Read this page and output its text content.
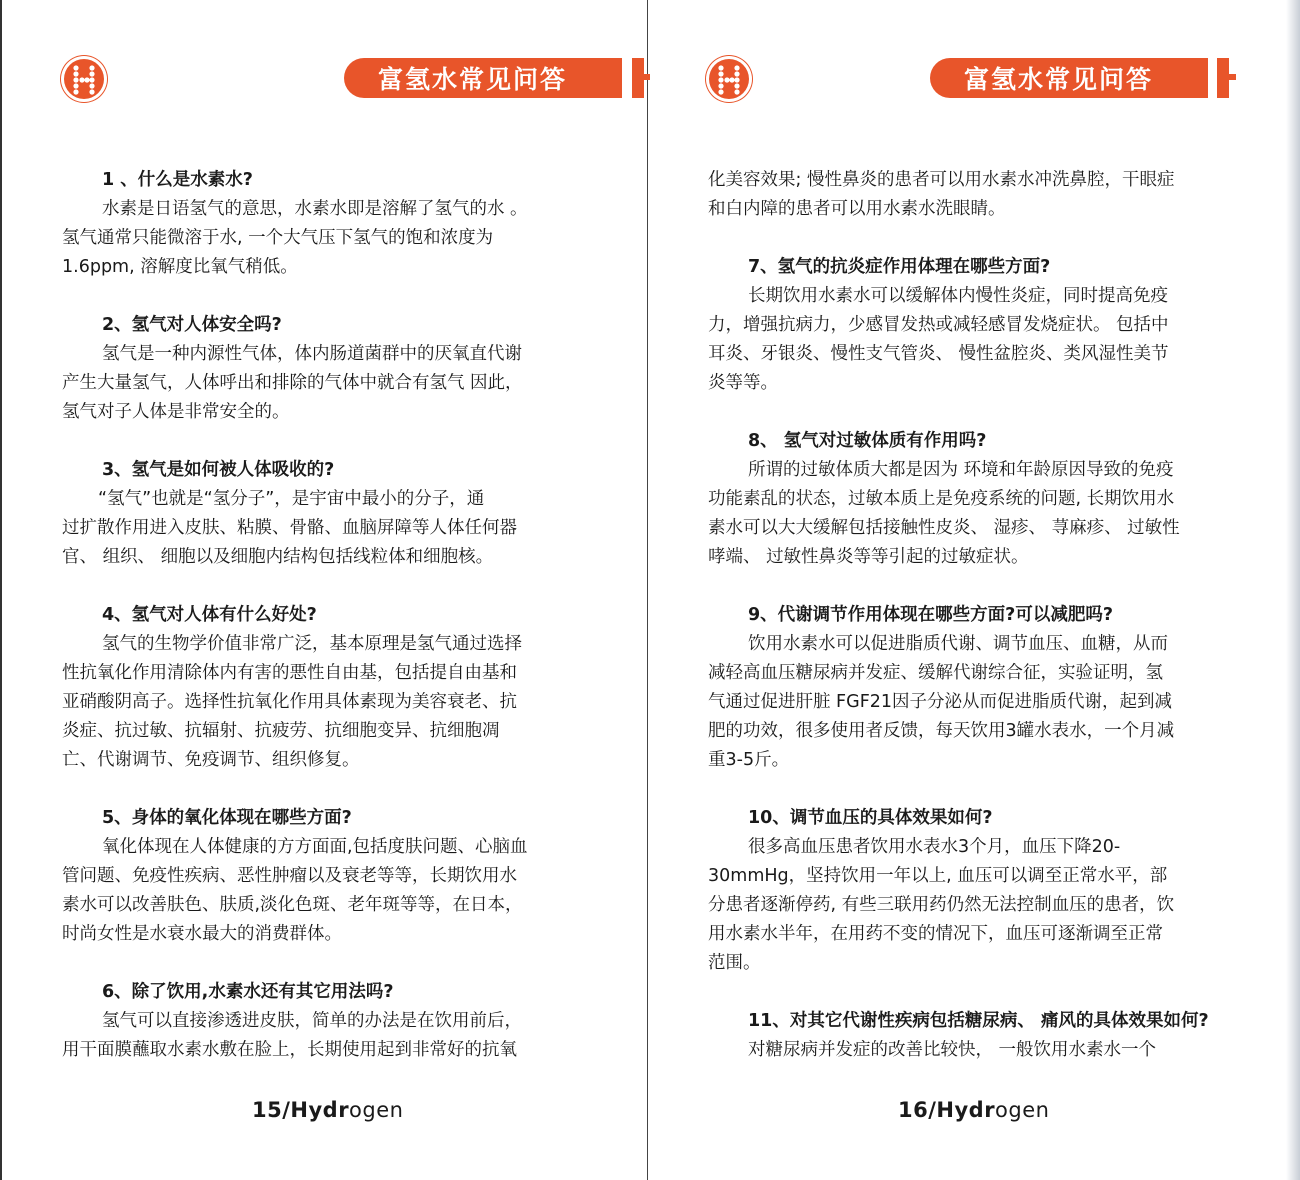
富氢水常见问答

1 、什么是水素水?

水素是日语氢气的意思，水素水即是溶解了氢气的水 。

氢气通常只能微溶于水, 一个大气压下氢气的饱和浓度为

1.6ppm, 溶解度比氧气稍低。

2、氢气对人体安全吗?

氢气是一种内源性气体，体内肠道菌群中的厌氧直代谢

产生大量氢气，人体呼出和排除的气体中就合有氢气 因此，

氢气对子人体是非常安全的。

3、氢气是如何被人体吸收的?

“氢气”也就是“氢分子”，是宇宙中最小的分子，通

过扩散作用进入皮肤、粘膜、骨骼、血脑屏障等人体任何器

官、 组织、 细胞以及细胞内结构包括线粒体和细胞核。

4、氢气对人体有什么好处?

氢气的生物学价值非常广泛，基本原理是氢气通过选择

性抗氧化作用清除体内有害的悪性自由基，包括提自由基和

亚硝酸阴高子。选择性抗氧化作用具体素现为美容衰老、抗

炎症、抗过敏、抗辐射、抗疲劳、抗细胞变异、抗细胞凋

亡、代谢调节、免疫调节、组织修复。

5、身体的氧化体现在哪些方面?

氧化体现在人体健康的方方面面,包括度肤问题、心脑血

管问题、免疫性疾病、恶性肿瘤以及衰老等等，长期饮用水

素水可以改善肤色、肤质,淡化色斑、老年斑等等，在日本，

时尚女性是水衰水最大的消费群体。

6、除了饮用,水素水还有其它用法吗?

氢气可以直接渗透进皮肤，简单的办法是在饮用前后，

用干面膜蘸取水素水敷在脸上，长期使用起到非常好的抗氧

15/Hydrogen
富氢水常见问答

化美容效果; 慢性鼻炎的患者可以用水素水冲洗鼻腔，干眼症

和白内障的患者可以用水素水洗眼睛。

7、氢气的抗炎症作用体理在哪些方面?

长期饮用水素水可以缓解体内慢性炎症，同时提高免疫

力，增强抗病力，少感冒发热或减轻感冒发烧症状。 包括中

耳炎、牙银炎、慢性支气管炎、 慢性盆腔炎、类风湿性美节

炎等等。

8、 氢气对过敏体质有作用吗?

所谓的过敏体质大都是因为 环境和年龄原因导致的免疫

功能素乱的状态，过敏本质上是免疫系统的问题, 长期饮用水

素水可以大大缓解包括接触性皮炎、 湿疹、 荨麻疹、 过敏性

哮端、 过敏性鼻炎等等引起的过敏症状。

9、代谢调节作用体现在哪些方面?可以减肥吗?

饮用水素水可以促进脂质代谢、调节血压、血糖，从而

减轻高血压糖尿病并发症、缓解代谢综合征，实验证明，氢

气通过促进肝脏 FGF21因子分泌从而促进脂质代谢，起到减

肥的功效，很多使用者反馈，每天饮用3罐水表水，一个月减

重3-5斤。

10、调节血压的具体效果如何?

很多高血压患者饮用水表水3个月，血压下降20-

30mmHg，坚持饮用一年以上, 血压可以调至正常水平，部

分患者逐渐停药, 有些三联用药仍然无法控制血压的患者，饮

用水素水半年，在用药不变的情况下，血压可逐渐调至正常

范围。

11、对其它代谢性疾病包括糖尿病、 痛风的具体效果如何?

对糖尿病并发症的改善比较快， 一般饮用水素水一个

16/Hydrogen
